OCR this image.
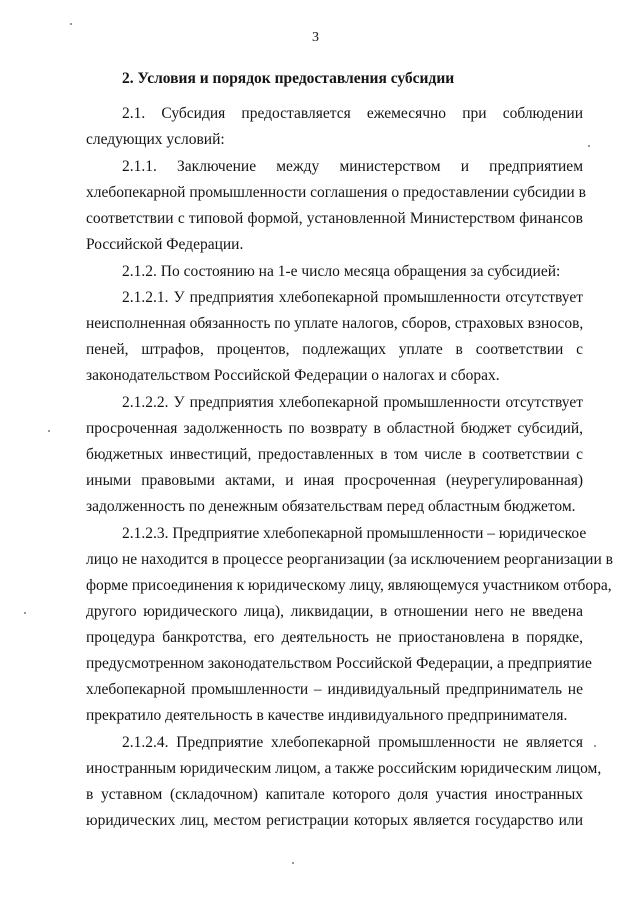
3
2. Условия и порядок предоставления субсидии
2.1. Субсидия предоставляется ежемесячно при соблюдении
следующих условий:
2.1.1. Заключение между министерством и предприятием
хлебопекарной промышленности соглашения о предоставлении субсидии в
соответствии с типовой формой, установленной Министерством финансов
Российской Федерации.
2.1.2. По состоянию на 1-е число месяца обращения за субсидией:
2.1.2.1. У предприятия хлебопекарной промышленности отсутствует
неисполненная обязанность по уплате налогов, сборов, страховых взносов,
пеней, штрафов, процентов, подлежащих уплате в соответствии с
законодательством Российской Федерации о налогах и сборах.
2.1.2.2. У предприятия хлебопекарной промышленности отсутствует
просроченная задолженность по возврату в областной бюджет субсидий,
бюджетных инвестиций, предоставленных в том числе в соответствии с
иными правовыми актами, и иная просроченная (неурегулированная)
задолженность по денежным обязательствам перед областным бюджетом.
2.1.2.3. Предприятие хлебопекарной промышленности – юридическое
лицо не находится в процессе реорганизации (за исключением реорганизации в
форме присоединения к юридическому лицу, являющемуся участником отбора,
другого юридического лица), ликвидации, в отношении него не введена
процедура банкротства, его деятельность не приостановлена в порядке,
предусмотренном законодательством Российской Федерации, а предприятие
хлебопекарной промышленности – индивидуальный предприниматель не
прекратило деятельность в качестве индивидуального предпринимателя.
2.1.2.4. Предприятие хлебопекарной промышленности не является
иностранным юридическим лицом, а также российским юридическим лицом,
в уставном (складочном) капитале которого доля участия иностранных
юридических лиц, местом регистрации которых является государство или
